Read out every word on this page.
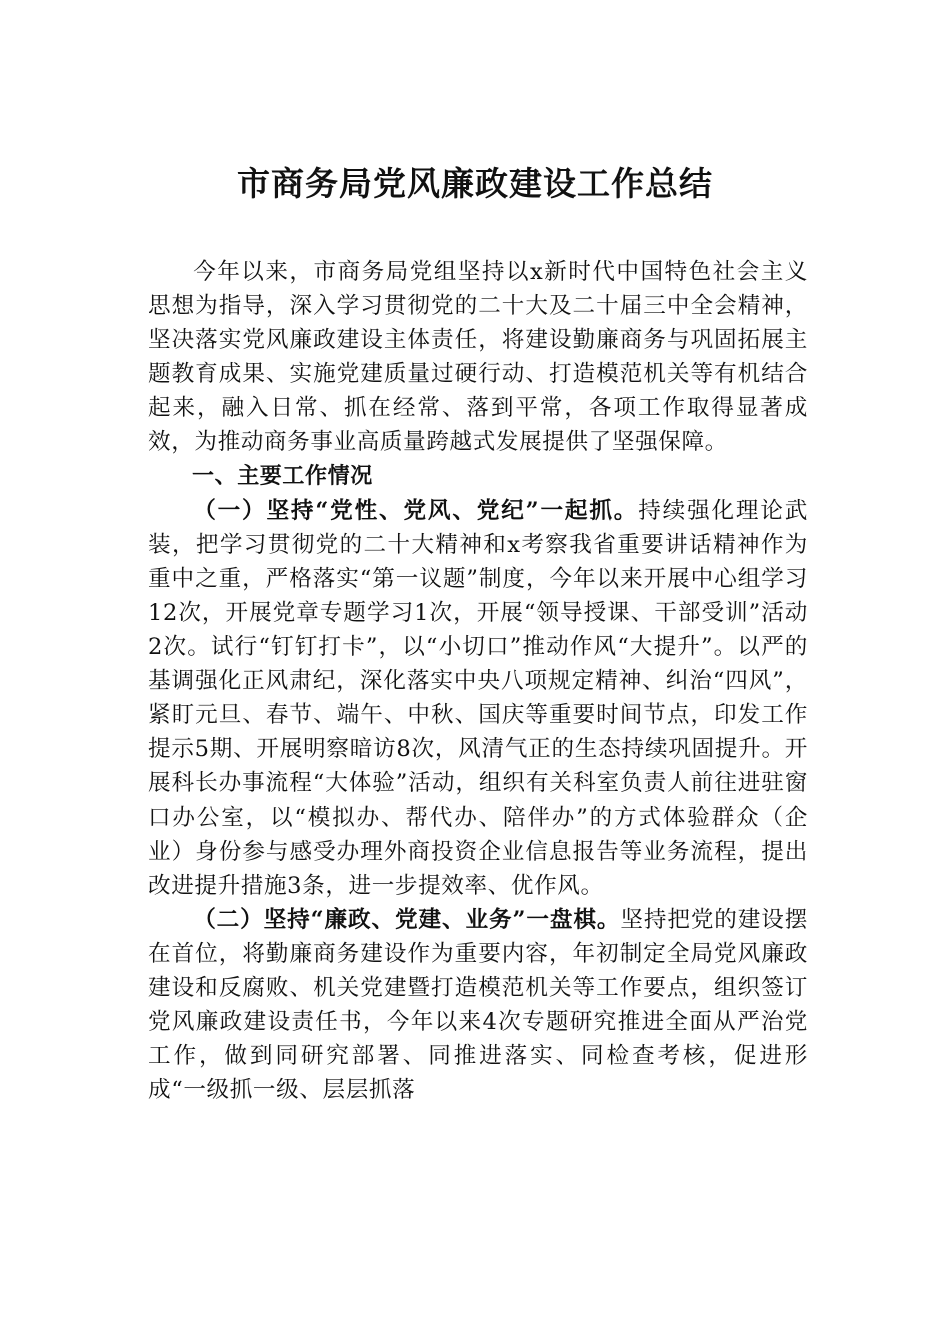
市商务局党风廉政建设工作总结

今年以来，市商务局党组坚持以x新时代中国特色社会主义思想为指导，深入学习贯彻党的二十大及二十届三中全会精神，坚决落实党风廉政建设主体责任，将建设勤廉商务与巩固拓展主题教育成果、实施党建质量过硬行动、打造模范机关等有机结合起来，融入日常、抓在经常、落到平常，各项工作取得显著成效，为推动商务事业高质量跨越式发展提供了坚强保障。

一、主要工作情况

（一）坚持“党性、党风、党纪”一起抓。持续强化理论武装，把学习贯彻党的二十大精神和x考察我省重要讲话精神作为重中之重，严格落实“第一议题”制度，今年以来开展中心组学习12次，开展党章专题学习1次，开展“领导授课、干部受训”活动2次。试行“钉钉打卡”，以“小切口”推动作风“大提升”。以严的基调强化正风肃纪，深化落实中央八项规定精神、纠治“四风”，紧盯元旦、春节、端午、中秋、国庆等重要时间节点，印发工作提示5期、开展明察暗访8次，风清气正的生态持续巩固提升。开展科长办事流程“大体验”活动，组织有关科室负责人前往进驻窗口办公室，以“模拟办、帮代办、陪伴办”的方式体验群众（企业）身份参与感受办理外商投资企业信息报告等业务流程，提出改进提升措施3条，进一步提效率、优作风。

（二）坚持“廉政、党建、业务”一盘棋。坚持把党的建设摆在首位，将勤廉商务建设作为重要内容，年初制定全局党风廉政建设和反腐败、机关党建暨打造模范机关等工作要点，组织签订党风廉政建设责任书，今年以来4次专题研究推进全面从严治党工作，做到同研究部署、同推进落实、同检查考核，促进形成“一级抓一级、层层抓落
